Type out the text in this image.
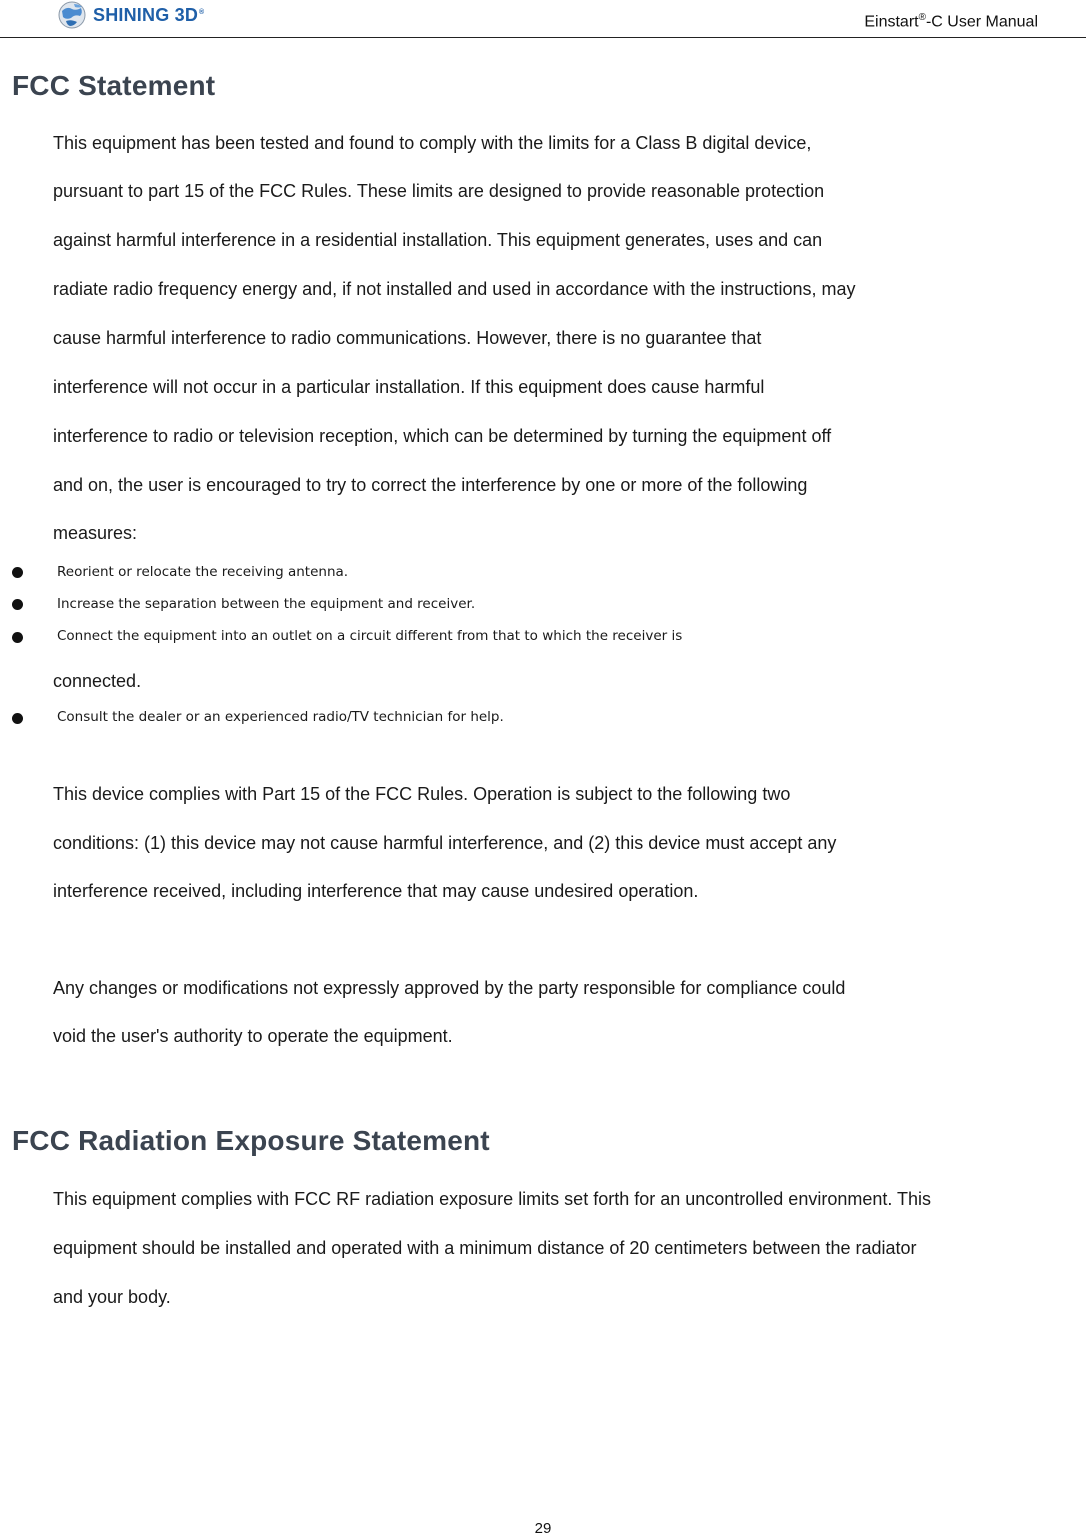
SHINING 3D®
Einstart®-C User Manual
FCC Statement
This equipment has been tested and found to comply with the limits for a Class B digital device,
pursuant to part 15 of the FCC Rules. These limits are designed to provide reasonable protection
against harmful interference in a residential installation. This equipment generates, uses and can
radiate radio frequency energy and, if not installed and used in accordance with the instructions, may
cause harmful interference to radio communications. However, there is no guarantee that
interference will not occur in a particular installation. If this equipment does cause harmful
interference to radio or television reception, which can be determined by turning the equipment off
and on, the user is encouraged to try to correct the interference by one or more of the following
measures:
Reorient or relocate the receiving antenna.
Increase the separation between the equipment and receiver.
Connect the equipment into an outlet on a circuit different from that to which the receiver is
connected.
Consult the dealer or an experienced radio/TV technician for help.
This device complies with Part 15 of the FCC Rules. Operation is subject to the following two
conditions: (1) this device may not cause harmful interference, and (2) this device must accept any
interference received, including interference that may cause undesired operation.
Any changes or modifications not expressly approved by the party responsible for compliance could
void the user's authority to operate the equipment.
FCC Radiation Exposure Statement
This equipment complies with FCC RF radiation exposure limits set forth for an uncontrolled environment. This
equipment should be installed and operated with a minimum distance of 20 centimeters between the radiator
and your body.
29
